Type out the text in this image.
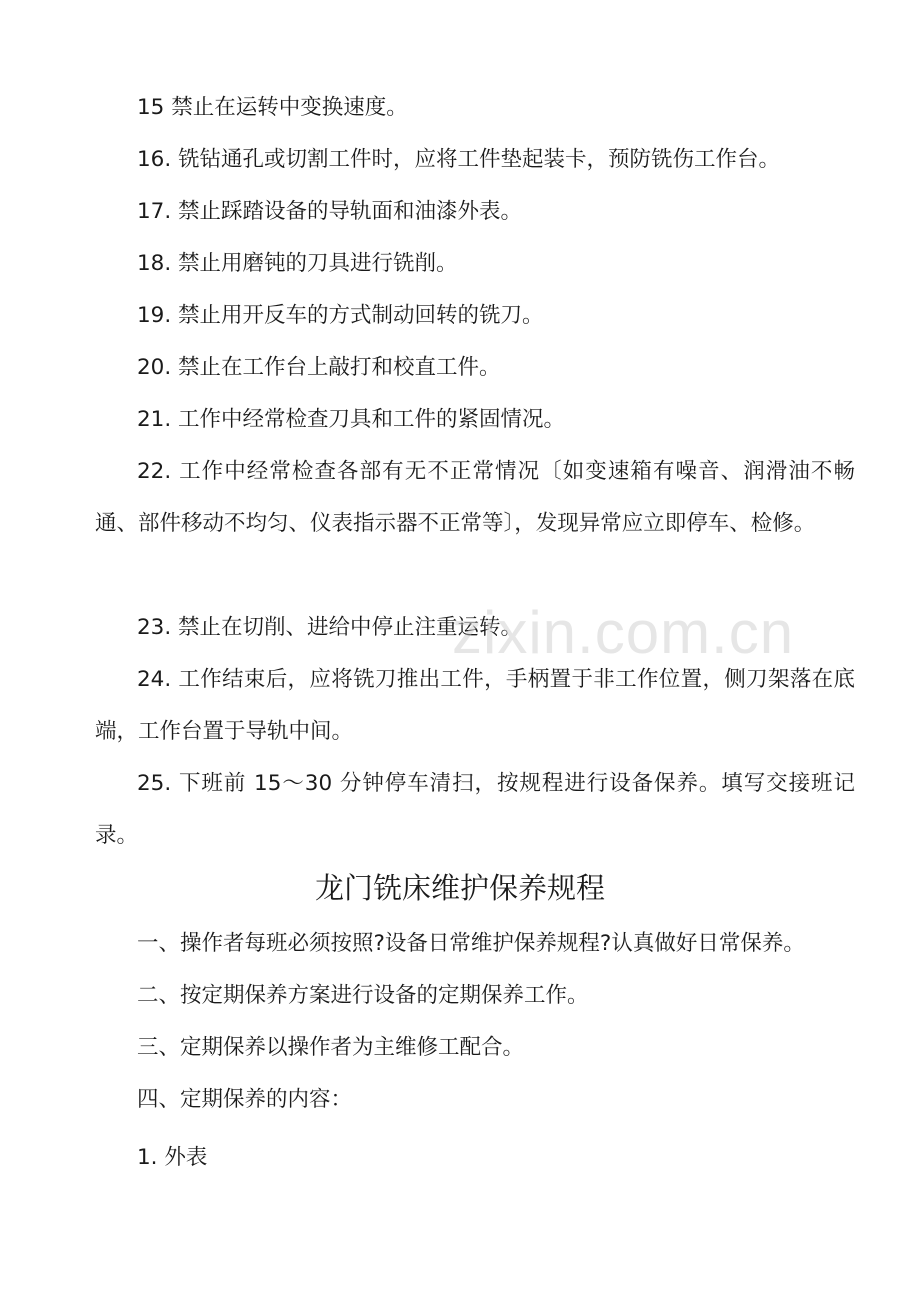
15 禁止在运转中变换速度。

16. 铣钻通孔或切割工件时，应将工件垫起装卡，预防铣伤工作台。

17. 禁止踩踏设备的导轨面和油漆外表。

18. 禁止用磨钝的刀具进行铣削。

19. 禁止用开反车的方式制动回转的铣刀。

20. 禁止在工作台上敲打和校直工件。

21. 工作中经常检查刀具和工件的紧固情况。

22. 工作中经常检查各部有无不正常情况〔如变速箱有噪音、润滑油不畅通、部件移动不均匀、仪表指示器不正常等〕，发现异常应立即停车、检修。

23. 禁止在切削、进给中停止注重运转。

24. 工作结束后，应将铣刀推出工件，手柄置于非工作位置，侧刀架落在底端，工作台置于导轨中间。

25. 下班前 15～30 分钟停车清扫，按规程进行设备保养。填写交接班记录。

龙门铣床维护保养规程

一、操作者每班必须按照?设备日常维护保养规程?认真做好日常保养。

二、按定期保养方案进行设备的定期保养工作。

三、定期保养以操作者为主维修工配合。

四、定期保养的内容：

1. 外表

zixin.com.cn
